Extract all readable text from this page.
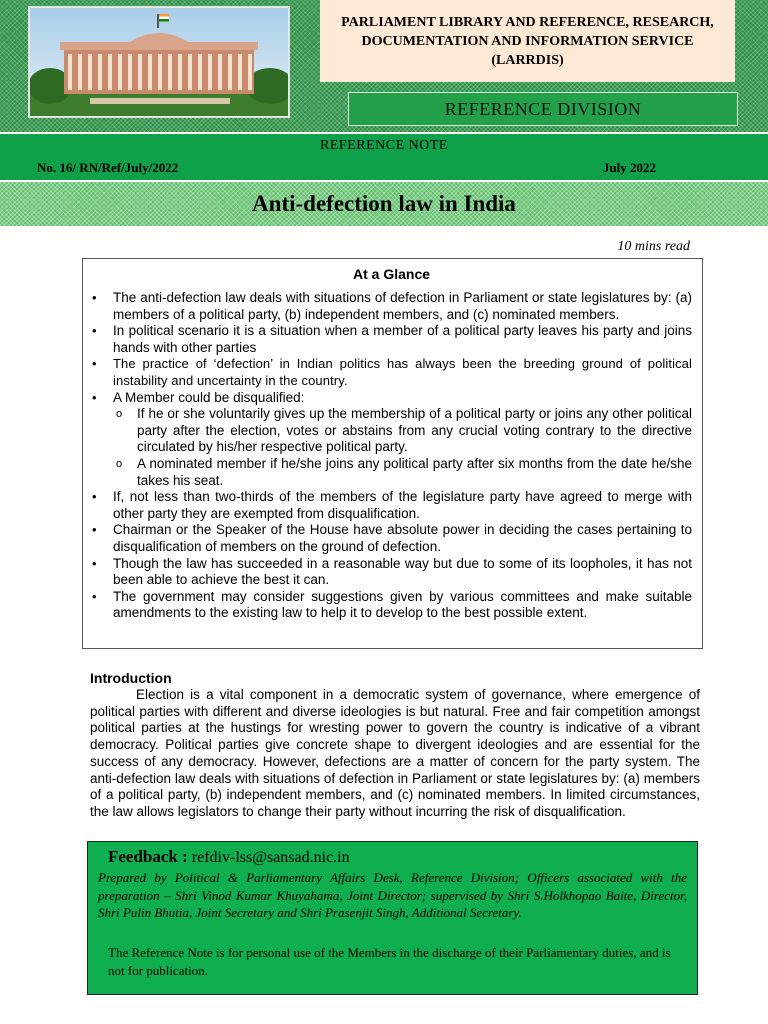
PARLIAMENT LIBRARY AND REFERENCE, RESEARCH, DOCUMENTATION AND INFORMATION SERVICE (LARRDIS)
REFERENCE DIVISION
REFERENCE NOTE
No. 16/ RN/Ref/July/2022	July 2022
Anti-defection law in India
10 mins read
At a Glance
• The anti-defection law deals with situations of defection in Parliament or state legislatures by: (a) members of a political party, (b) independent members, and (c) nominated members.
• In political scenario it is a situation when a member of a political party leaves his party and joins hands with other parties
• The practice of ‘defection’ in Indian politics has always been the breeding ground of political instability and uncertainty in the country.
• A Member could be disqualified:
o If he or she voluntarily gives up the membership of a political party or joins any other political party after the election, votes or abstains from any crucial voting contrary to the directive circulated by his/her respective political party.
o A nominated member if he/she joins any political party after six months from the date he/she takes his seat.
• If, not less than two-thirds of the members of the legislature party have agreed to merge with other party they are exempted from disqualification.
• Chairman or the Speaker of the House have absolute power in deciding the cases pertaining to disqualification of members on the ground of defection.
• Though the law has succeeded in a reasonable way but due to some of its loopholes, it has not been able to achieve the best it can.
• The government may consider suggestions given by various committees and make suitable amendments to the existing law to help it to develop to the best possible extent.
Introduction
Election is a vital component in a democratic system of governance, where emergence of political parties with different and diverse ideologies is but natural. Free and fair competition amongst political parties at the hustings for wresting power to govern the country is indicative of a vibrant democracy. Political parties give concrete shape to divergent ideologies and are essential for the success of any democracy. However, defections are a matter of concern for the party system. The anti-defection law deals with situations of defection in Parliament or state legislatures by: (a) members of a political party, (b) independent members, and (c) nominated members. In limited circumstances, the law allows legislators to change their party without incurring the risk of disqualification.
Feedback : refdiv-lss@sansad.nic.in
Prepared by Political & Parliamentary Affairs Desk, Reference Division; Officers associated with the preparation – Shri Vinod Kumar Khuyahama, Joint Director; supervised by Shri S.Holkhopao Baite, Director, Shri Pulin Bhutia, Joint Secretary and Shri Prasenjit Singh, Additional Secretary.
The Reference Note is for personal use of the Members in the discharge of their Parliamentary duties, and is not for publication.
